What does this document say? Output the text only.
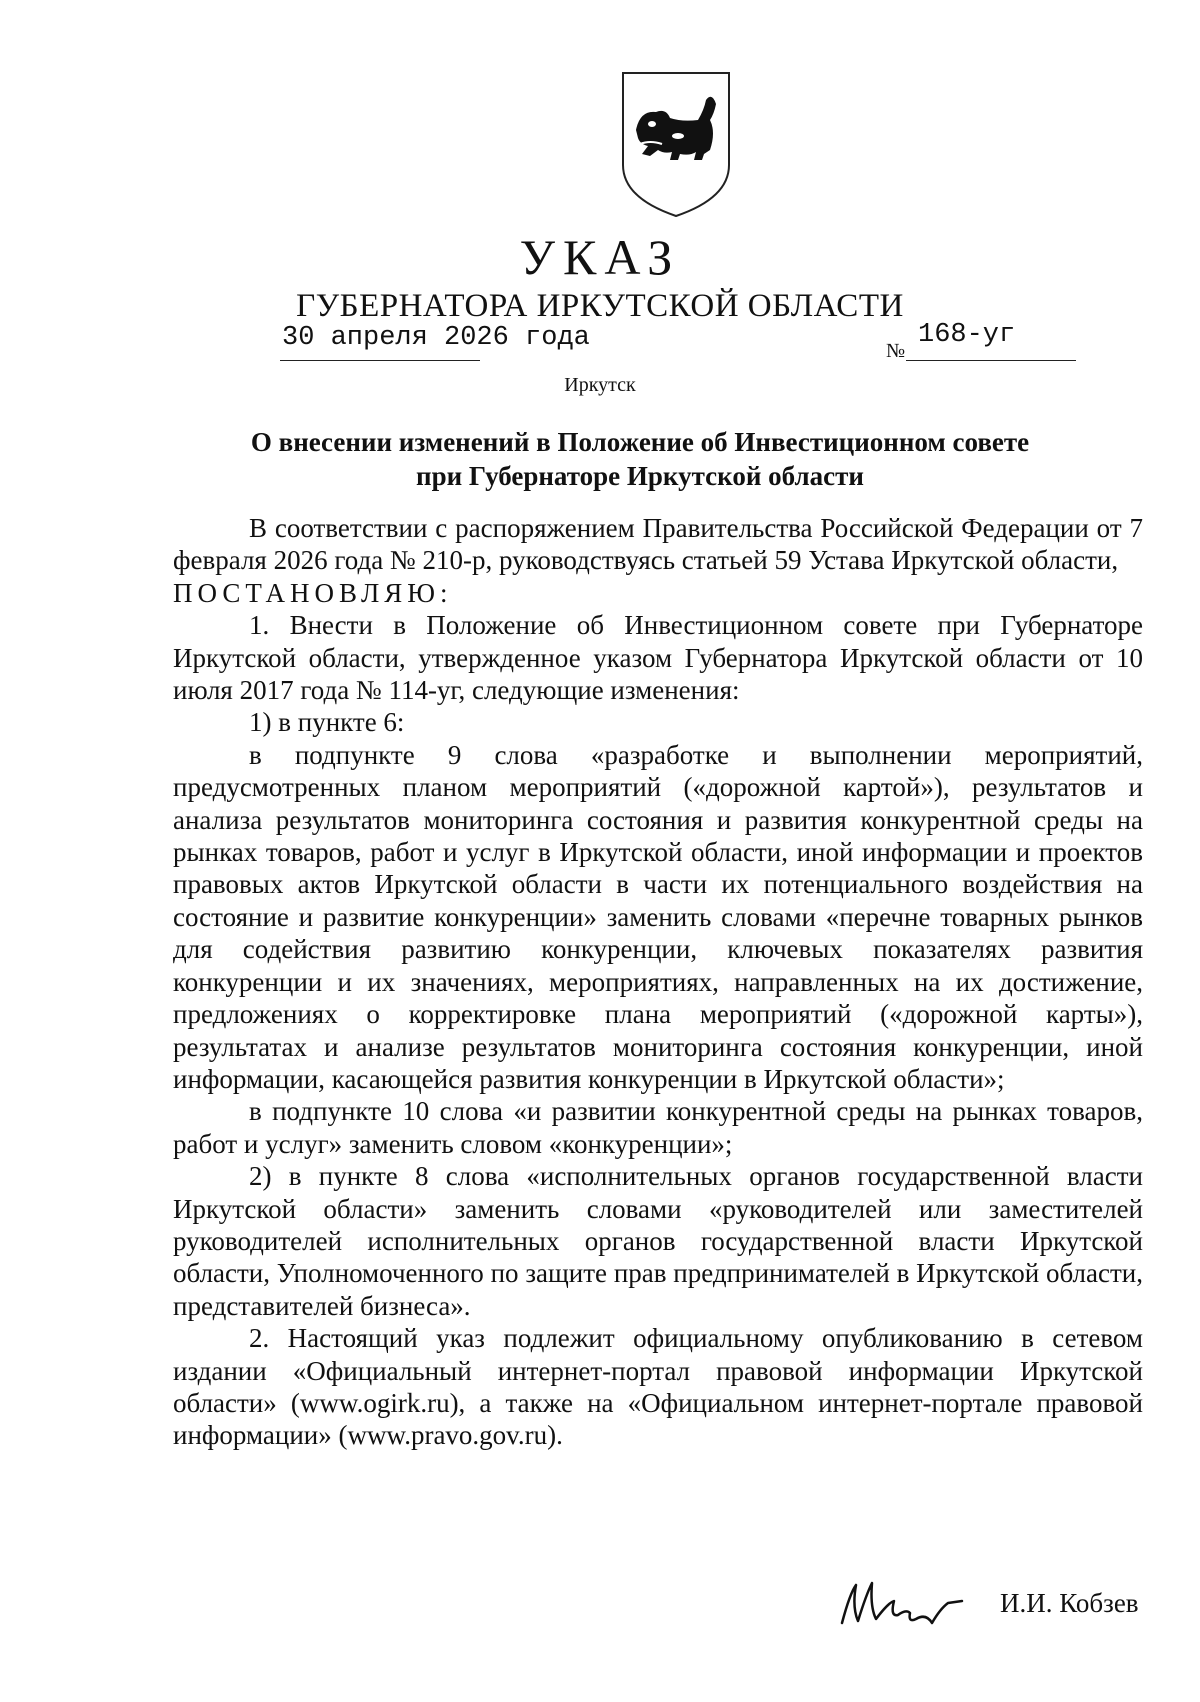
УКАЗ
ГУБЕРНАТОРА ИРКУТСКОЙ ОБЛАСТИ
30 апреля 2026 года	№
168-уг
Иркутск
О внесении изменений в Положение об Инвестиционном совете
при Губернаторе Иркутской области

В соответствии с распоряжением Правительства Российской Федерации от 7 февраля 2026 года № 210-р, руководствуясь статьей 59 Устава Иркутской области,

ПОСТАНОВЛЯЮ:

1. Внести в Положение об Инвестиционном совете при Губернаторе Иркутской области, утвержденное указом Губернатора Иркутской области от 10 июля 2017 года № 114-уг, следующие изменения:

1) в пункте 6:

в подпункте 9 слова «разработке и выполнении мероприятий, предусмотренных планом мероприятий («дорожной картой»), результатов и анализа результатов мониторинга состояния и развития конкурентной среды на рынках товаров, работ и услуг в Иркутской области, иной информации и проектов правовых актов Иркутской области в части их потенциального воздействия на состояние и развитие конкуренции» заменить словами «перечне товарных рынков для содействия развитию конкуренции, ключевых показателях развития конкуренции и их значениях, мероприятиях, направленных на их достижение, предложениях о корректировке плана мероприятий («дорожной карты»), результатах и анализе результатов мониторинга состояния конкуренции, иной информации, касающейся развития конкуренции в Иркутской области»;

в подпункте 10 слова «и развитии конкурентной среды на рынках товаров, работ и услуг» заменить словом «конкуренции»;

2) в пункте 8 слова «исполнительных органов государственной власти Иркутской области» заменить словами «руководителей или заместителей руководителей исполнительных органов государственной власти Иркутской области, Уполномоченного по защите прав предпринимателей в Иркутской области, представителей бизнеса».

2. Настоящий указ подлежит официальному опубликованию в сетевом издании «Официальный интернет-портал правовой информации Иркутской области» (www.ogirk.ru), а также на «Официальном интернет-портале правовой информации» (www.pravo.gov.ru).

И.И. Кобзев
